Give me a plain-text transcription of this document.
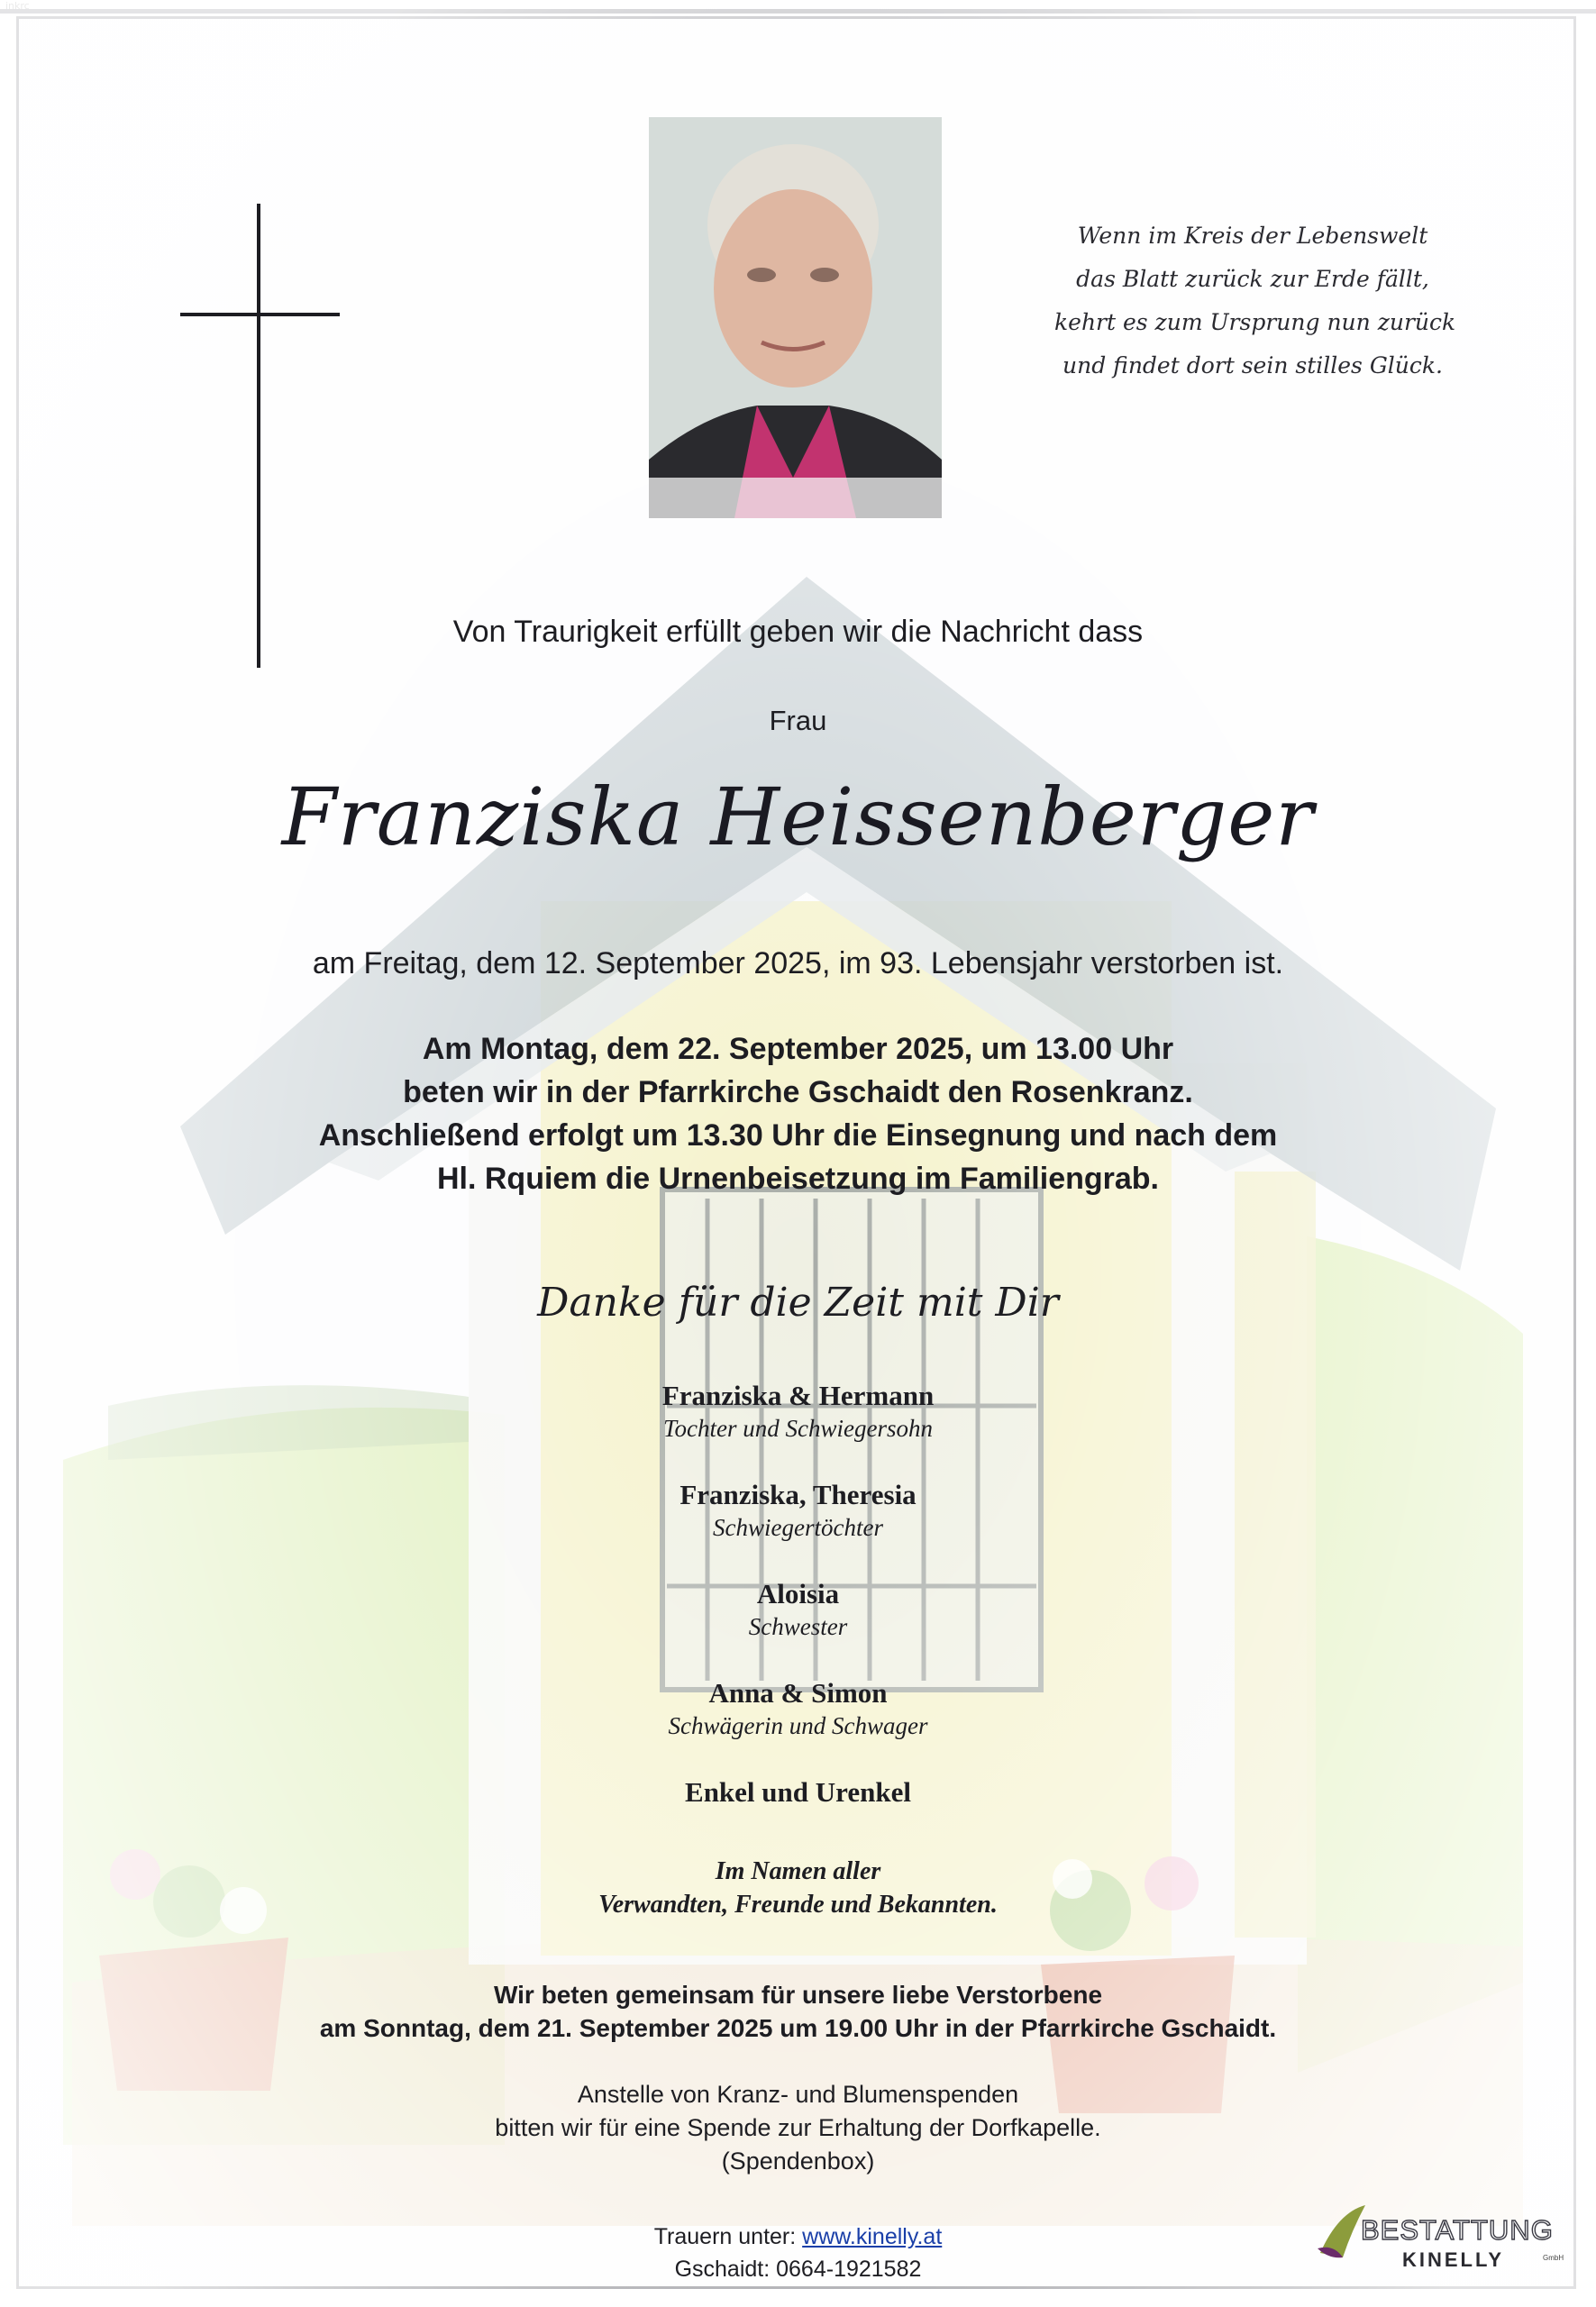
Wenn im Kreis der Lebenswelt
das Blatt zurück zur Erde fällt,
kehrt es zum Ursprung nun zurück
und findet dort sein stilles Glück.
Von Traurigkeit erfüllt geben wir die Nachricht dass
Frau
Franziska Heissenberger
am Freitag, dem 12. September 2025, im 93. Lebensjahr verstorben ist.
Am Montag, dem 22. September 2025, um 13.00 Uhr
beten wir in der Pfarrkirche Gschaidt den Rosenkranz.
Anschließend erfolgt um 13.30 Uhr die Einsegnung und nach dem
Hl. Rquiem die Urnenbeisetzung im Familiengrab.
Danke für die Zeit mit Dir
Franziska & Hermann
Tochter und Schwiegersohn
Franziska, Theresia
Schwiegertöchter
Aloisia
Schwester
Anna & Simon
Schwägerin und Schwager
Enkel und Urenkel
Im Namen aller
Verwandten, Freunde und Bekannten.
Wir beten gemeinsam für unsere liebe Verstorbene
am Sonntag, dem 21. September 2025 um 19.00 Uhr in der Pfarrkirche Gschaidt.
Anstelle von Kranz- und Blumenspenden
bitten wir für eine Spende zur Erhaltung der Dorfkapelle.
(Spendenbox)
Trauern unter: www.kinelly.at
Gschaidt: 0664-1921582
BESTATTUNG
KINELLY	GmbH
